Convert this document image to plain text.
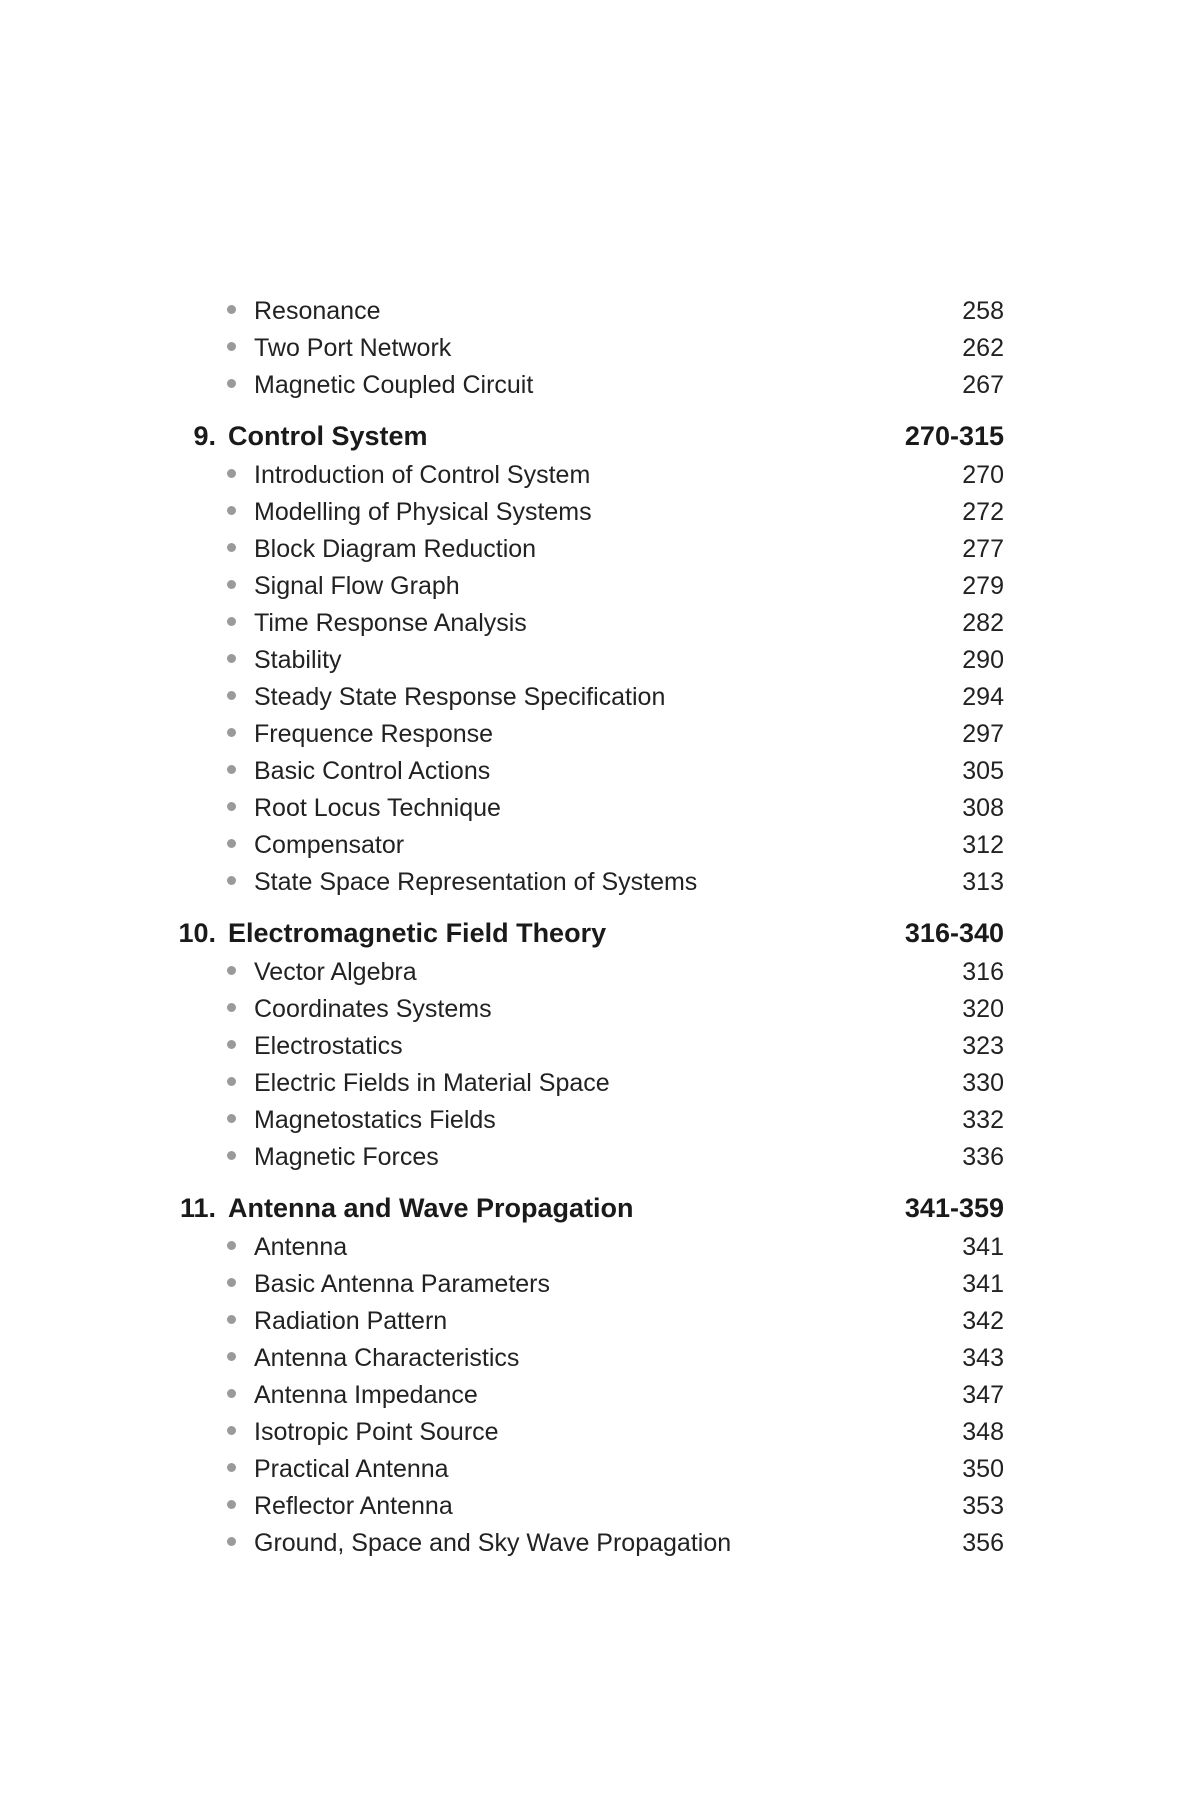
Resonance	258
Two Port Network	262
Magnetic Coupled Circuit	267
9. Control System	270-315
Introduction of Control System	270
Modelling of Physical Systems	272
Block Diagram Reduction	277
Signal Flow Graph	279
Time Response Analysis	282
Stability	290
Steady State Response Specification	294
Frequence Response	297
Basic Control Actions	305
Root Locus Technique	308
Compensator	312
State Space Representation of Systems	313
10. Electromagnetic Field Theory	316-340
Vector Algebra	316
Coordinates Systems	320
Electrostatics	323
Electric Fields in Material Space	330
Magnetostatics Fields	332
Magnetic Forces	336
11. Antenna and Wave Propagation	341-359
Antenna	341
Basic Antenna Parameters	341
Radiation Pattern	342
Antenna Characteristics	343
Antenna Impedance	347
Isotropic Point Source	348
Practical Antenna	350
Reflector Antenna	353
Ground, Space and Sky Wave Propagation	356
